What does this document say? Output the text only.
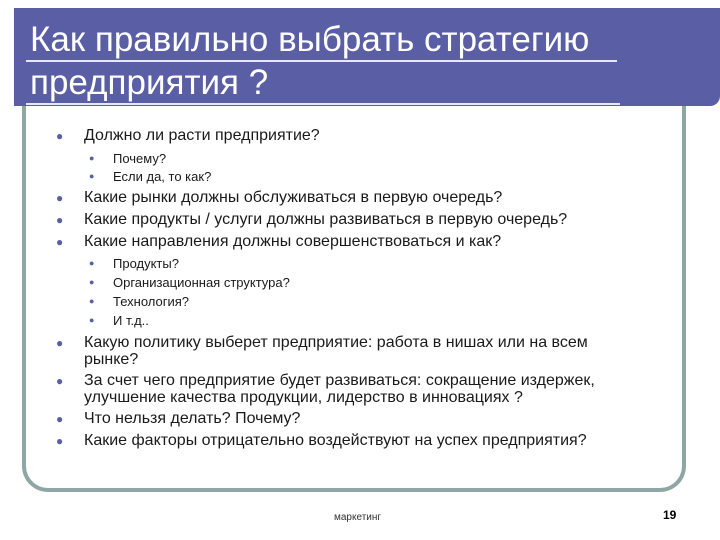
Как правильно выбрать стратегию
предприятия ?
● Должно ли расти предприятие?
● Почему?
● Если да, то как?
● Какие рынки должны обслуживаться в первую очередь?
● Какие продукты / услуги должны развиваться в первую очередь?
● Какие направления должны совершенствоваться и как?
● Продукты?
● Организационная структура?
● Технология?
● И т.д..
● Какую политику выберет предприятие: работа в нишах или на всем
рынке?
● За счет чего предприятие будет развиваться: сокращение издержек,
улучшение качества продукции, лидерство в инновациях ?
● Что нельзя делать? Почему?
● Какие факторы отрицательно воздействуют на успех предприятия?
маркетинг	19
